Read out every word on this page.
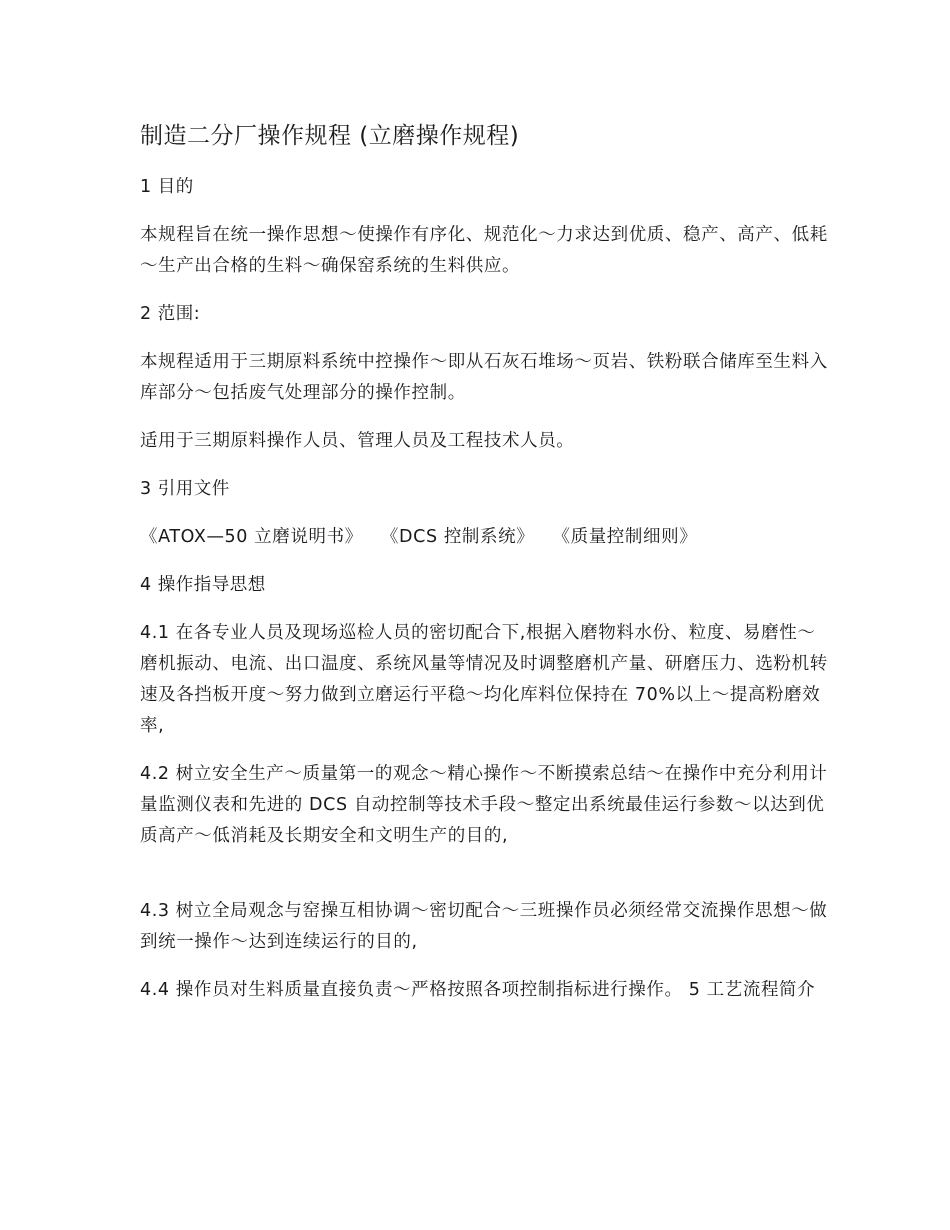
制造二分厂操作规程 (立磨操作规程)
1 目的

本规程旨在统一操作思想～使操作有序化、规范化～力求达到优质、稳产、高产、低耗～生产出合格的生料～确保窑系统的生料供应。

2 范围:

本规程适用于三期原料系统中控操作～即从石灰石堆场～页岩、铁粉联合储库至生料入库部分～包括废气处理部分的操作控制。

适用于三期原料操作人员、管理人员及工程技术人员。

3 引用文件

《ATOX—50 立磨说明书》 《DCS 控制系统》 《质量控制细则》

4 操作指导思想

4.1 在各专业人员及现场巡检人员的密切配合下,根据入磨物料水份、粒度、易磨性～磨机振动、电流、出口温度、系统风量等情况及时调整磨机产量、研磨压力、选粉机转速及各挡板开度～努力做到立磨运行平稳～均化库料位保持在 70%以上～提高粉磨效率,

4.2 树立安全生产～质量第一的观念～精心操作～不断摸索总结～在操作中充分利用计量监测仪表和先进的 DCS 自动控制等技术手段～整定出系统最佳运行参数～以达到优质高产～低消耗及长期安全和文明生产的目的,

4.3 树立全局观念与窑操互相协调～密切配合～三班操作员必须经常交流操作思想～做到统一操作～达到连续运行的目的,

4.4 操作员对生料质量直接负责～严格按照各项控制指标进行操作。 5 工艺流程简介
